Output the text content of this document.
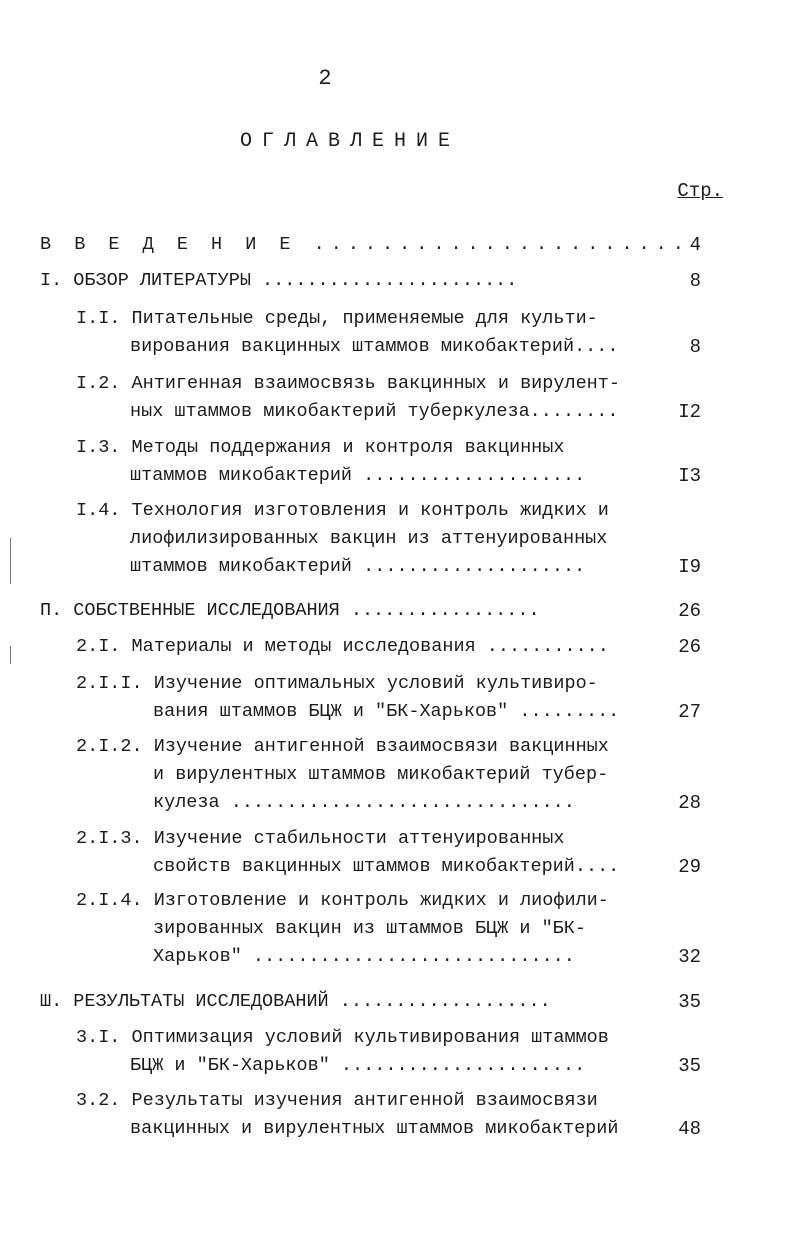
2
ОГЛАВЛЕНИЕ
Стр.
В В Е Д Е Н И Е ...................... 4
I. ОБЗОР ЛИТЕРАТУРЫ .......................	8
I.I. Питательные среды, применяемые для культи-
вирования вакцинных штаммов микобактерий....	8
I.2. Антигенная взаимосвязь вакцинных и вирулент-
ных штаммов микобактерий туберкулеза........	I2
I.3. Методы поддержания и контроля вакцинных
штаммов микобактерий ....................	I3
I.4. Технология изготовления и контроль жидких и
лиофилизированных вакцин из аттенуированных
штаммов микобактерий ....................	I9
П. СОБСТВЕННЫЕ ИССЛЕДОВАНИЯ .................	26
2.I. Материалы и методы исследования ...........	26
2.I.I. Изучение оптимальных условий культивиро-
вания штаммов БЦЖ и "БК-Харьков" .........	27
2.I.2. Изучение антигенной взаимосвязи вакцинных
и вирулентных штаммов микобактерий тубер-
кулеза ...............................	28
2.I.3. Изучение стабильности аттенуированных
свойств вакцинных штаммов микобактерий....	29
2.I.4. Изготовление и контроль жидких и лиофили-
зированных вакцин из штаммов БЦЖ и "БК-
Харьков" .............................	32
Ш. РЕЗУЛЬТАТЫ ИССЛЕДОВАНИЙ ...................	35
3.I. Оптимизация условий культивирования штаммов
БЦЖ и "БК-Харьков" ......................	35
3.2. Результаты изучения антигенной взаимосвязи
вакцинных и вирулентных штаммов микобактерий	48
